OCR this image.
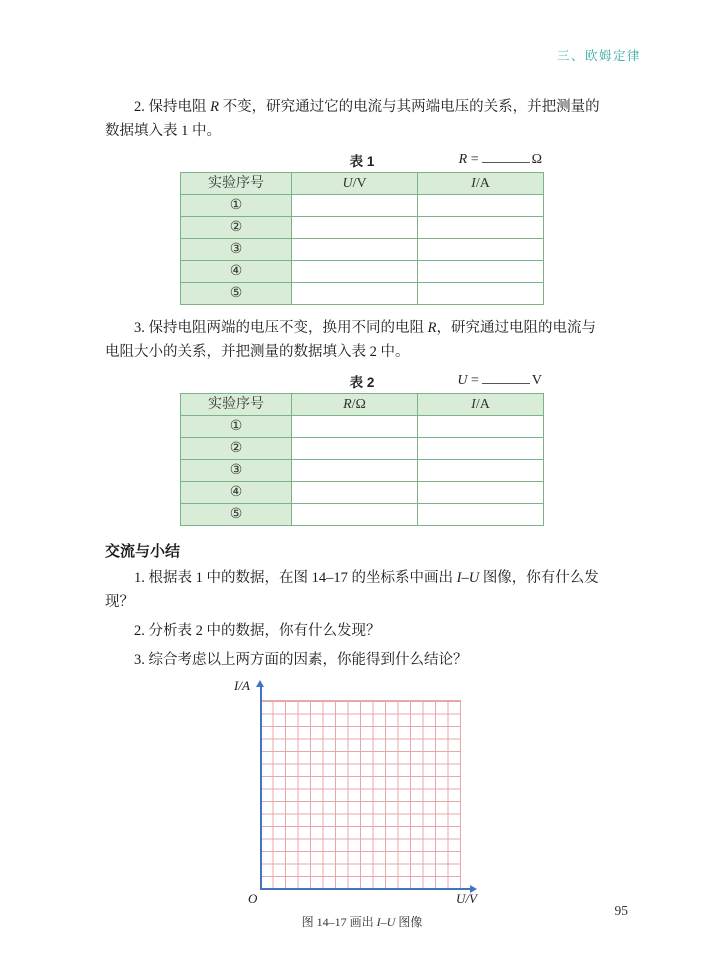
三、欧姆定律

2. 保持电阻 R 不变，研究通过它的电流与其两端电压的关系，并把测量的数据填入表 1 中。

表 1	R =	Ω
实验序号	U/V	I/A
①		
②		
③		
④		
⑤		

3. 保持电阻两端的电压不变，换用不同的电阻 R，研究通过电阻的电流与电阻大小的关系，并把测量的数据填入表 2 中。

表 2	U =	V
实验序号	R/Ω	I/A
①		
②		
③		
④		
⑤		
交流与小结

1. 根据表 1 中的数据，在图 14–17 的坐标系中画出 I–U 图像，你有什么发现？

2. 分析表 2 中的数据，你有什么发现？

3. 综合考虑以上两方面的因素，你能得到什么结论？

I/A
O	U/V
图 14–17 画出 I–U 图像
95
